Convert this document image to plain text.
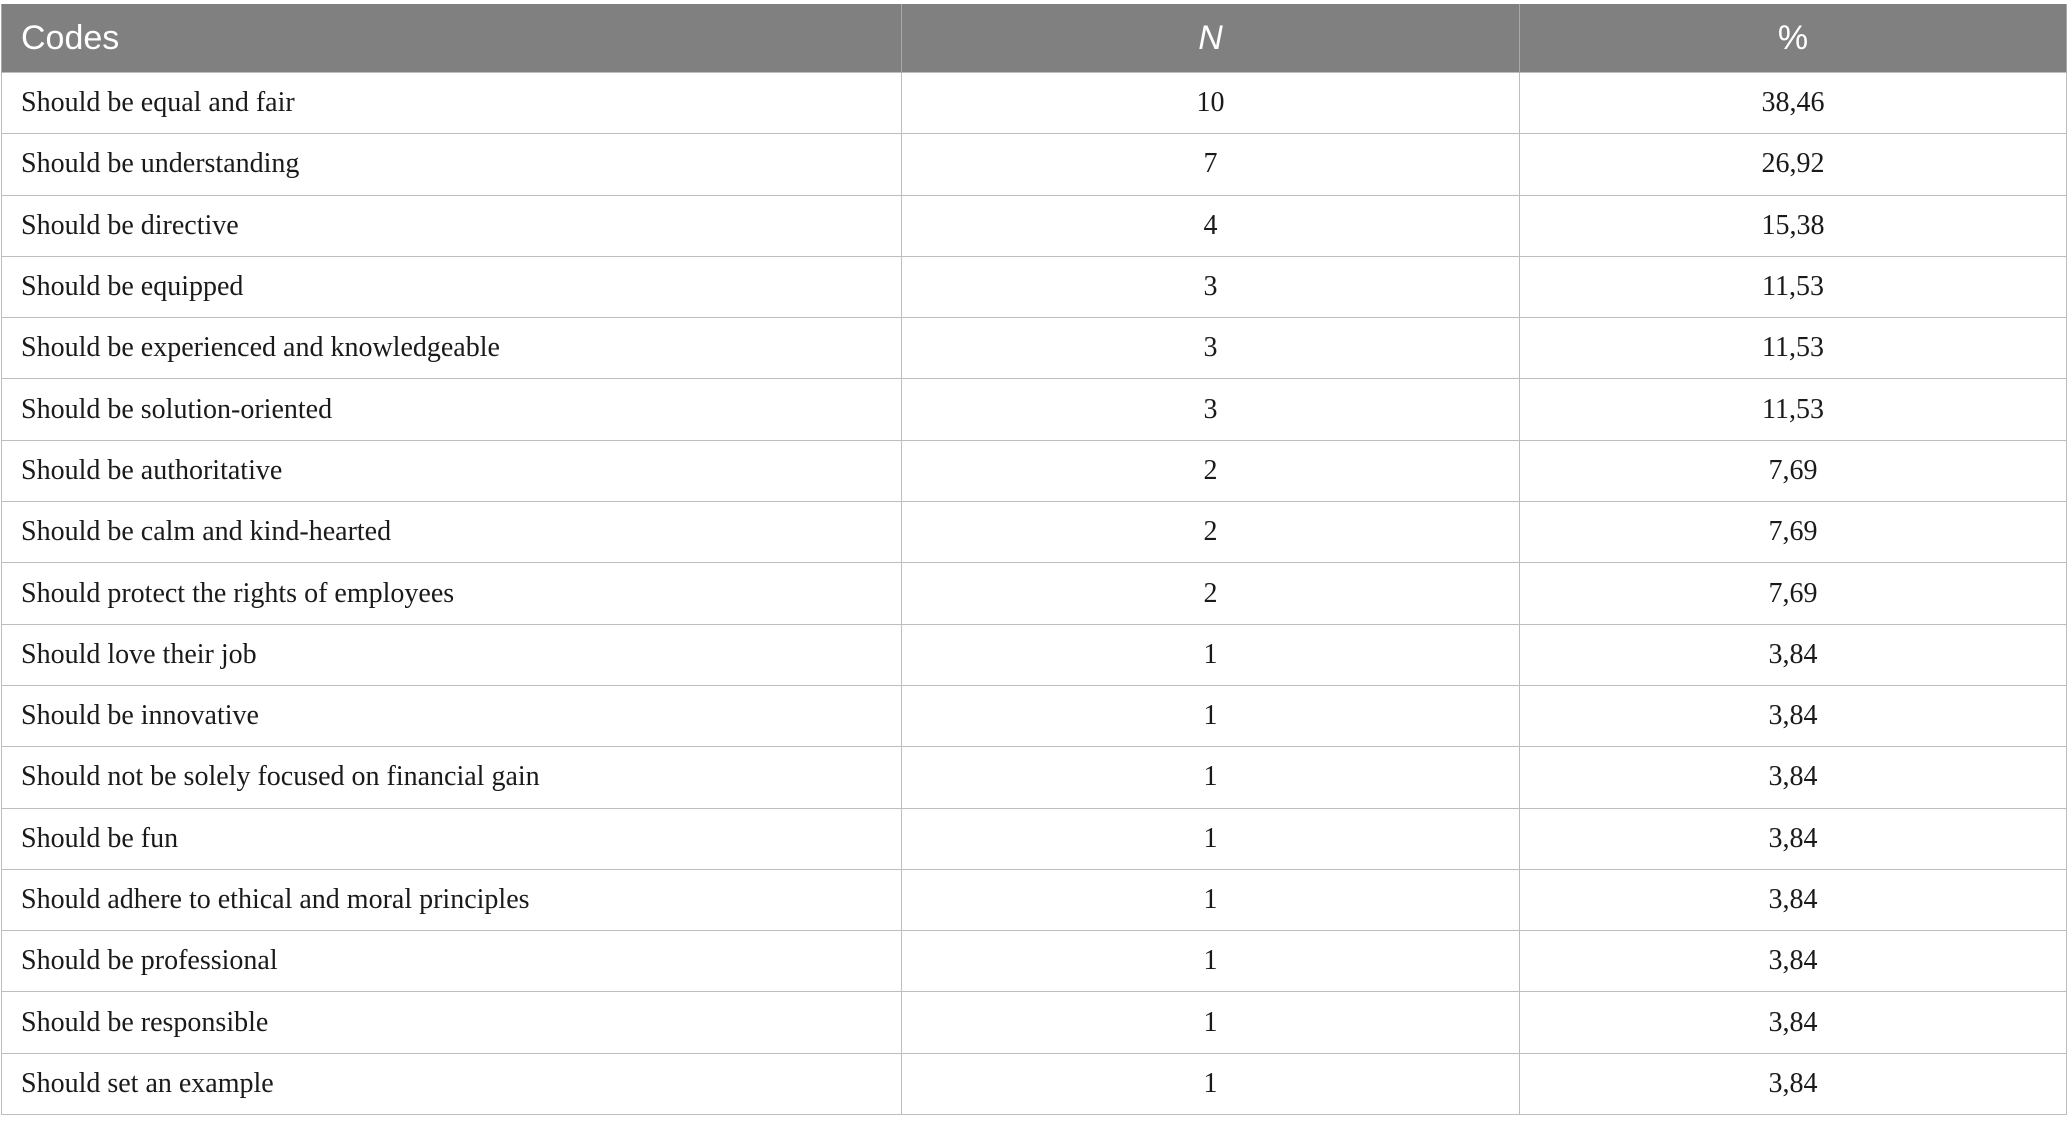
Codes	N	%
Should be equal and fair	10	38,46
Should be understanding	7	26,92
Should be directive	4	15,38
Should be equipped	3	11,53
Should be experienced and knowledgeable	3	11,53
Should be solution-oriented	3	11,53
Should be authoritative	2	7,69
Should be calm and kind-hearted	2	7,69
Should protect the rights of employees	2	7,69
Should love their job	1	3,84
Should be innovative	1	3,84
Should not be solely focused on financial gain	1	3,84
Should be fun	1	3,84
Should adhere to ethical and moral principles	1	3,84
Should be professional	1	3,84
Should be responsible	1	3,84
Should set an example	1	3,84
